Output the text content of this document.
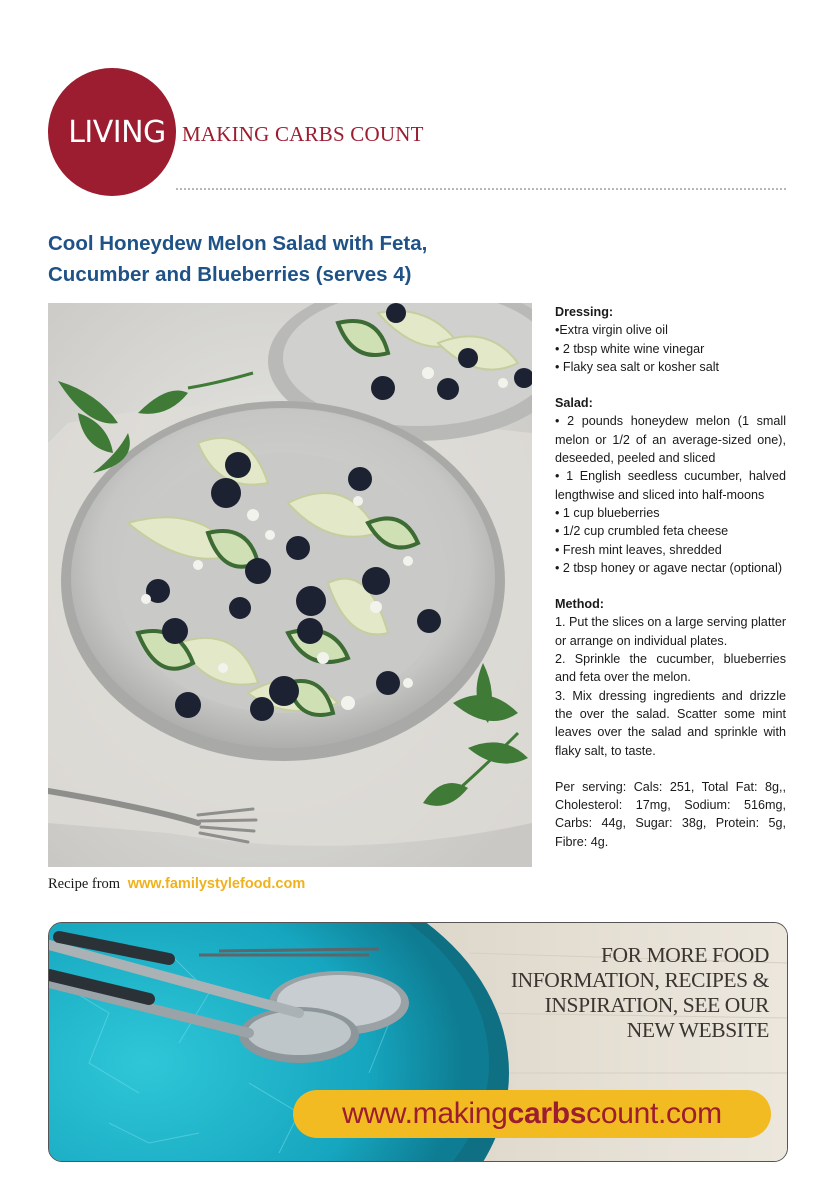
LIVING MAKING CARBS COUNT
Cool Honeydew Melon Salad with Feta, Cucumber and Blueberries (serves 4)
Recipe from www.familystylefood.com
Dressing:
•Extra virgin olive oil
• 2 tbsp white wine vinegar
• Flaky sea salt or kosher salt
Salad:
• 2 pounds honeydew melon (1 small melon or 1/2 of an average-sized one), deseeded, peeled and sliced
• 1 English seedless cucumber, halved lengthwise and sliced into half-moons
• 1 cup blueberries
• 1/2 cup crumbled feta cheese
• Fresh mint leaves, shredded
• 2 tbsp honey or agave nectar (optional)
Method:
1. Put the slices on a large serving platter or arrange on individual plates.
2. Sprinkle the cucumber, blueberries and feta over the melon.
3. Mix dressing ingredients and drizzle the over the salad. Scatter some mint leaves over the salad and sprinkle with flaky salt, to taste.
Per serving: Cals: 251, Total Fat: 8g,, Cholesterol: 17mg, Sodium: 516mg, Carbs: 44g, Sugar: 38g, Protein: 5g, Fibre: 4g.
FOR MORE FOOD
INFORMATION, RECIPES &
INSPIRATION, SEE OUR
NEW WEBSITE
www.makingcarbscount.com
